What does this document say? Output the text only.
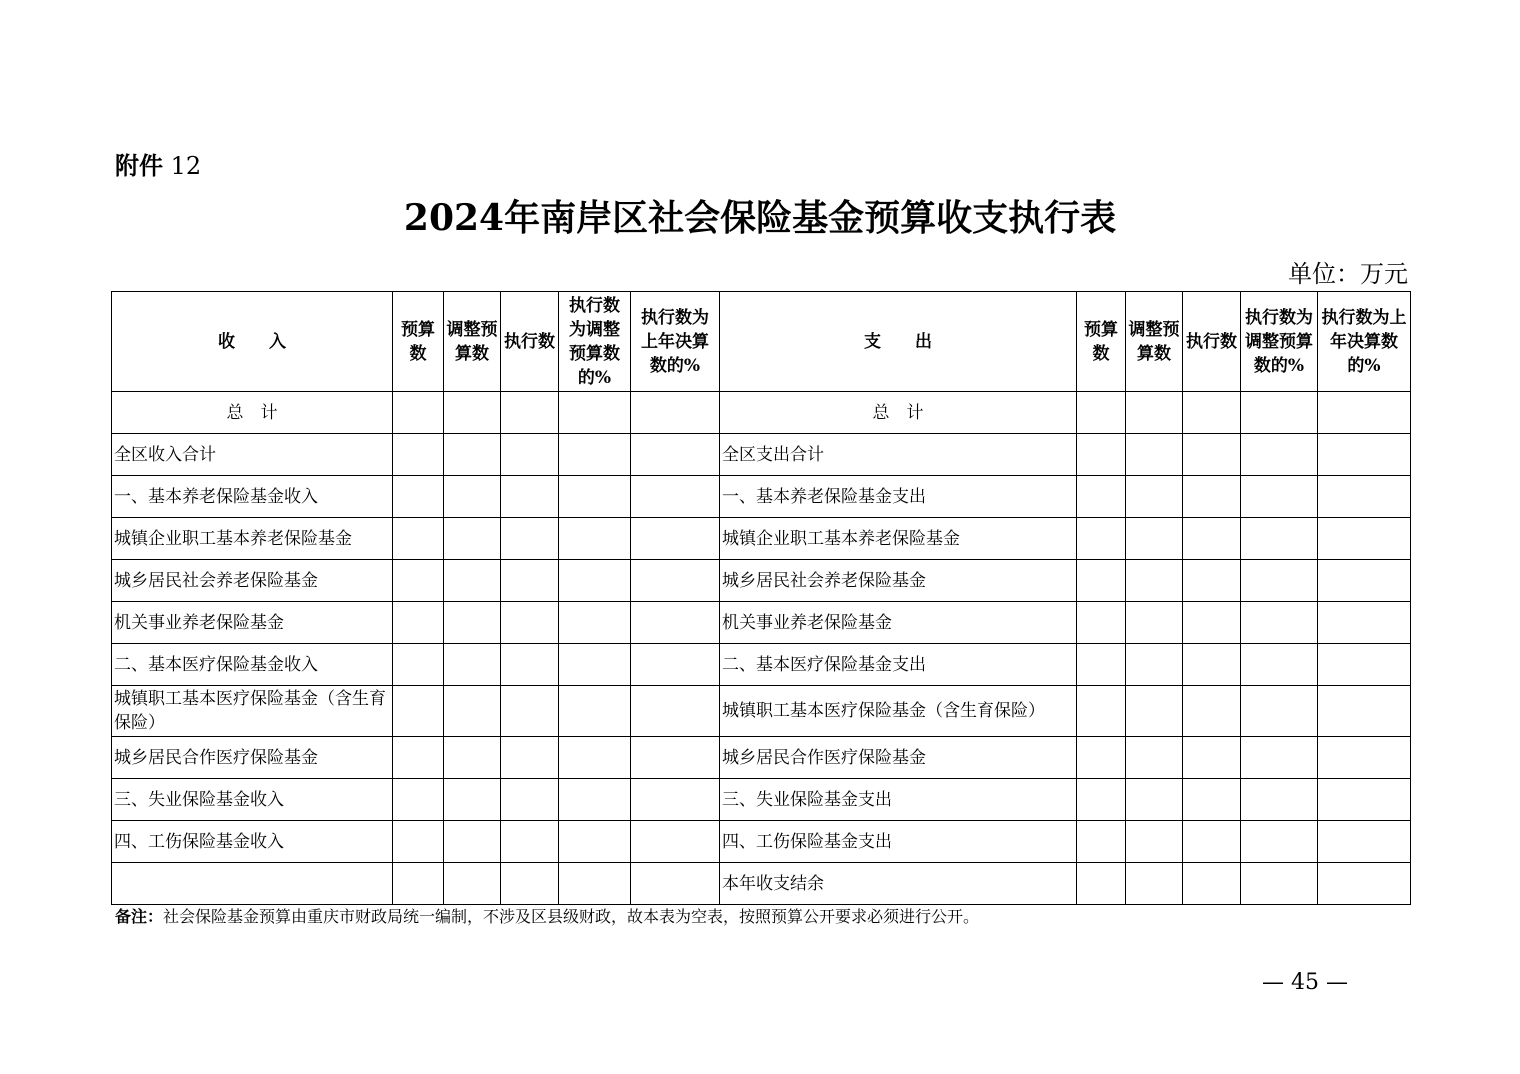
附件 12
2024年南岸区社会保险基金预算收支执行表
单位：万元
收　　入	预算数	调整预算数	执行数	执行数为调整预算数的%	执行数为上年决算数的%	支　　出	预算数	调整预算数	执行数	执行数为调整预算数的%	执行数为上年决算数的%
总　计						总　计					
全区收入合计						全区支出合计					
一、基本养老保险基金收入						一、基本养老保险基金支出					
城镇企业职工基本养老保险基金						城镇企业职工基本养老保险基金					
城乡居民社会养老保险基金						城乡居民社会养老保险基金					
机关事业养老保险基金						机关事业养老保险基金					
二、基本医疗保险基金收入						二、基本医疗保险基金支出					
城镇职工基本医疗保险基金（含生育保险）						城镇职工基本医疗保险基金（含生育保险）					
城乡居民合作医疗保险基金						城乡居民合作医疗保险基金					
三、失业保险基金收入						三、失业保险基金支出					
四、工伤保险基金收入						四、工伤保险基金支出					
						本年收支结余					
备注：社会保险基金预算由重庆市财政局统一编制，不涉及区县级财政，故本表为空表，按照预算公开要求必须进行公开。
— 45 —
